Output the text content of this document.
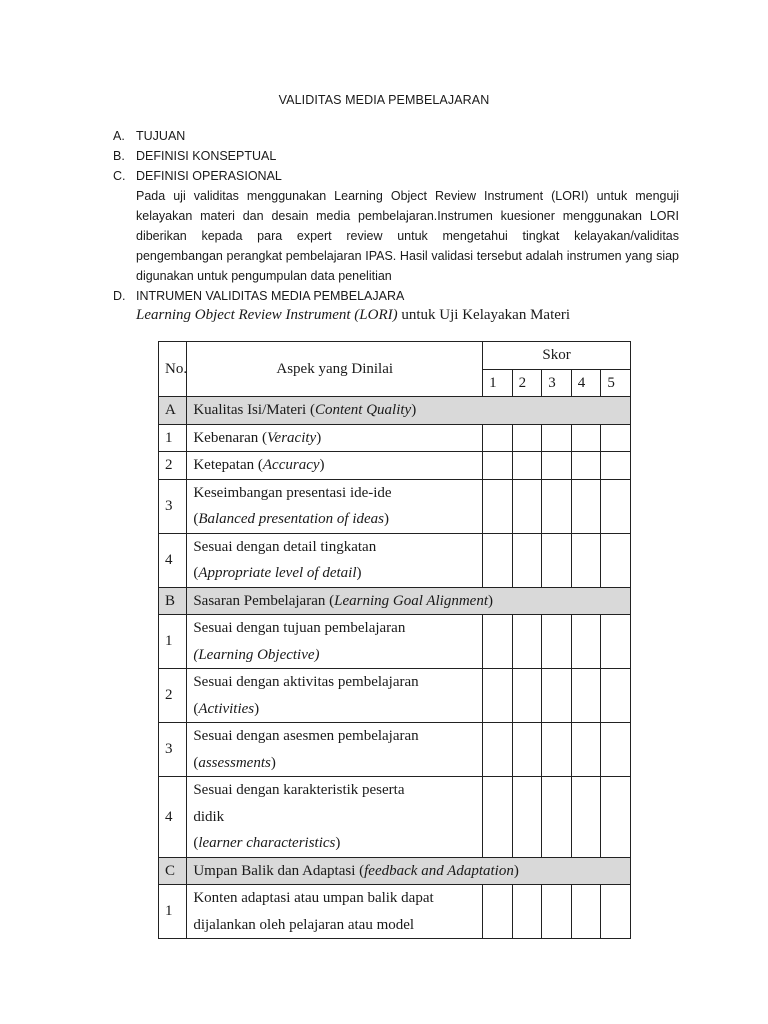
VALIDITAS MEDIA PEMBELAJARAN
A. TUJUAN
B. DEFINISI KONSEPTUAL
C. DEFINISI OPERASIONAL
Pada uji validitas menggunakan Learning Object Review Instrument (LORI) untuk menguji kelayakan materi dan desain media pembelajaran.Instrumen kuesioner menggunakan LORI diberikan kepada para expert review untuk mengetahui tingkat kelayakan/validitas pengembangan perangkat pembelajaran IPAS. Hasil validasi tersebut adalah instrumen yang siap digunakan untuk pengumpulan data penelitian
D. INTRUMEN VALIDITAS MEDIA PEMBELAJARA
Learning Object Review Instrument (LORI) untuk Uji Kelayakan Materi
No.	Aspek yang Dinilai	Skor				
		1	2	3	4	5
A	Kualitas Isi/Materi (Content Quality)					
1	Kebenaran (Veracity)					

2	Ketepatan (Accuracy)					

3	Keseimbangan presentasi ide-ide
(Balanced presentation of ideas)					

4	Sesuai dengan detail tingkatan
(Appropriate level of detail)					

B	Sasaran Pembelajaran (Learning Goal Alignment)					
1	Sesuai dengan tujuan pembelajaran
(Learning Objective)					

2	Sesuai dengan aktivitas pembelajaran
(Activities)					

3	Sesuai dengan asesmen pembelajaran
(assessments)					

4	Sesuai dengan karakteristik peserta
didik
(learner characteristics)					

C	Umpan Balik dan Adaptasi (feedback and Adaptation)					
1	Konten adaptasi atau umpan balik dapat
dijalankan oleh pelajaran atau model					
